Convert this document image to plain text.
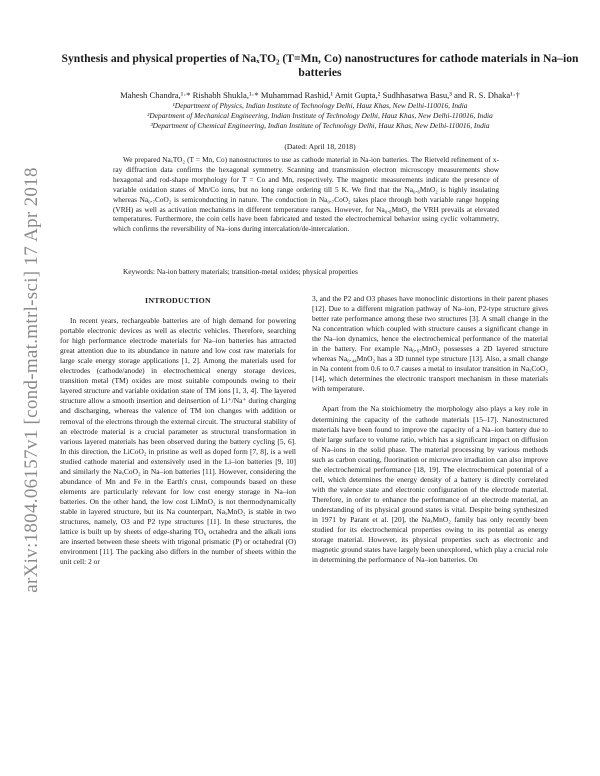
arXiv:1804.06157v1 [cond-mat.mtrl-sci] 17 Apr 2018
Synthesis and physical properties of NaₓTO₂ (T=Mn, Co) nanostructures for cathode materials in Na–ion batteries
Mahesh Chandra,¹·* Rishabh Shukla,¹·* Muhammad Rashid,¹ Amit Gupta,² Sudhhasatwa Basu,³ and R. S. Dhaka¹·†
¹Department of Physics, Indian Institute of Technology Delhi, Hauz Khas, New Delhi-110016, India
²Department of Mechanical Engineering, Indian Institute of Technology Delhi, Hauz Khas, New Delhi-110016, India
³Department of Chemical Engineering, Indian Institute of Technology Delhi, Hauz Khas, New Delhi-110016, India
(Dated: April 18, 2018)
We prepared NaₓTO₂ (T = Mn, Co) nanostructures to use as cathode material in Na-ion batteries. The Rietveld refinement of x-ray diffraction data confirms the hexagonal symmetry. Scanning and transmission electron microscopy measurements show hexagonal and rod-shape morphology for T = Co and Mn, respectively. The magnetic measurements indicate the presence of variable oxidation states of Mn/Co ions, but no long range ordering till 5 K. We find that the Na₀.₆MnO₂ is highly insulating whereas Na₀.₇CoO₂ is semiconducting in nature. The conduction in Na₀.₇CoO₂ takes place through both variable range hopping (VRH) as well as activation mechanisms in different temperature ranges. However, for Na₀.₆MnO₂ the VRH prevails at elevated temperatures. Furthermore, the coin cells have been fabricated and tested the electrochemical behavior using cyclic voltammetry, which confirms the reversibility of Na–ions during intercalation/de-intercalation.
Keywords: Na-ion battery materials; transition-metal oxides; physical properties
INTRODUCTION

In recent years, rechargeable batteries are of high demand for powering portable electronic devices as well as electric vehicles. Therefore, searching for high performance electrode materials for Na–ion batteries has attracted great attention due to its abundance in nature and low cost raw materials for large scale energy storage applications [1, 2]. Among the materials used for electrodes (cathode/anode) in electrochemical energy storage devices, transition metal (TM) oxides are most suitable compounds owing to their layered structure and variable oxidation state of TM ions [1, 3, 4]. The layered structure allow a smooth insertion and deinsertion of Li⁺/Na⁺ during charging and discharging, whereas the valence of TM ion changes with addition or removal of the electrons through the external circuit. The structural stability of an electrode material is a crucial parameter as structural transformation in various layered materials has been observed during the battery cycling [5, 6]. In this direction, the LiCoO₂ in pristine as well as doped form [7, 8], is a well studied cathode material and extensively used in the Li–ion batteries [9, 10] and similarly the NaₓCoO₂ in Na–ion batteries [11]. However, considering the abundance of Mn and Fe in the Earth's crust, compounds based on these elements are particularly relevant for low cost energy storage in Na–ion batteries. On the other hand, the low cost LiMnO₂ is not thermodynamically stable in layered structure, but its Na counterpart, NaₓMnO₂ is stable in two structures, namely, O3 and P2 type structures [11]. In these structures, the lattice is built up by sheets of edge-sharing TO₆ octahedra and the alkali ions are inserted between these sheets with trigonal prismatic (P) or octahedral (O) environment [11]. The packing also differs in the number of sheets within the unit cell: 2 or

3, and the P2 and O3 phases have monoclinic distortions in their parent phases [12]. Due to a different migration pathway of Na–ion, P2-type structure gives better rate performance among these two structures [3]. A small change in the Na concentration which coupled with structure causes a significant change in the Na–ion dynamics, hence the electrochemical performance of the material in the battery. For example Na₀.₆₇MnO₂ possesses a 2D layered structure whereas Na₀.₄₄MnO₂ has a 3D tunnel type structure [13]. Also, a small change in Na content from 0.6 to 0.7 causes a metal to insulator transition in NaₓCoO₂ [14], which determines the electronic transport mechanism in these materials with temperature.

Apart from the Na stoichiometry the morphology also plays a key role in determining the capacity of the cathode materials [15–17]. Nanostructured materials have been found to improve the capacity of a Na–ion battery due to their large surface to volume ratio, which has a significant impact on diffusion of Na–ions in the solid phase. The material processing by various methods such as carbon coating, fluorination or microwave irradiation can also improve the electrochemical performance [18, 19]. The electrochemical potential of a cell, which determines the energy density of a battery is directly correlated with the valence state and electronic configuration of the electrode material. Therefore, in order to enhance the performance of an electrode material, an understanding of its physical ground states is vital. Despite being synthesized in 1971 by Parant et al. [20], the NaₓMnO₂ family has only recently been studied for its electrochemical properties owing to its potential as energy storage material. However, its physical properties such as electronic and magnetic ground states have largely been unexplored, which play a crucial role in determining the performance of Na–ion batteries. On
